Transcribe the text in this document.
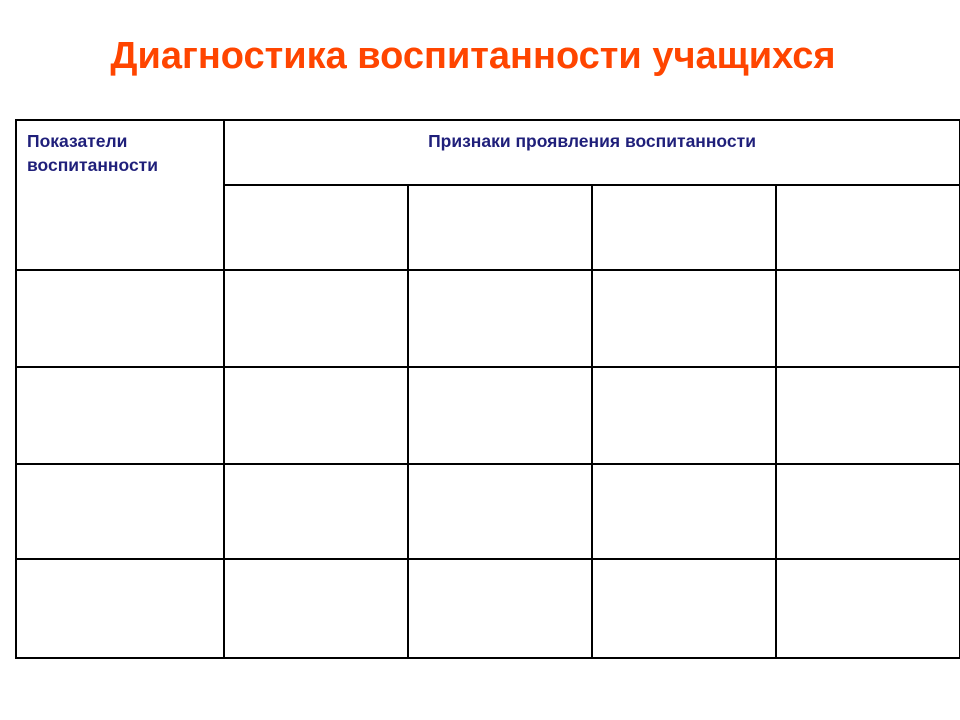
Диагностика воспитанности учащихся
Показатели воспитанности	Признаки проявления воспитанности			
